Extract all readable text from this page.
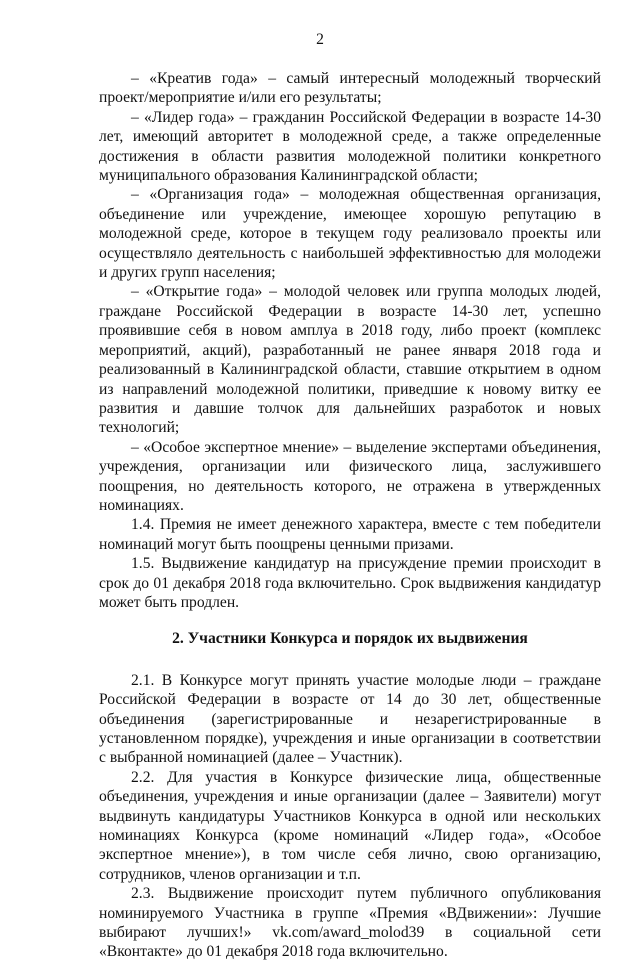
2

– «Креатив года» – самый интересный молодежный творческий проект/мероприятие и/или его результаты;

– «Лидер года» – гражданин Российской Федерации в возрасте 14-30 лет, имеющий авторитет в молодежной среде, а также определенные достижения в области развития молодежной политики конкретного муниципального образования Калининградской области;

– «Организация года» – молодежная общественная организация, объединение или учреждение, имеющее хорошую репутацию в молодежной среде, которое в текущем году реализовало проекты или осуществляло деятельность с наибольшей эффективностью для молодежи и других групп населения;

– «Открытие года» – молодой человек или группа молодых людей, граждане Российской Федерации в возрасте 14-30 лет, успешно проявившие себя в новом амплуа в 2018 году, либо проект (комплекс мероприятий, акций), разработанный не ранее января 2018 года и реализованный в Калининградской области, ставшие открытием в одном из направлений молодежной политики, приведшие к новому витку ее развития и давшие толчок для дальнейших разработок и новых технологий;

– «Особое экспертное мнение» – выделение экспертами объединения, учреждения, организации или физического лица, заслужившего поощрения, но деятельность которого, не отражена в утвержденных номинациях.

1.4. Премия не имеет денежного характера, вместе с тем победители номинаций могут быть поощрены ценными призами.

1.5. Выдвижение кандидатур на присуждение премии происходит в срок до 01 декабря 2018 года включительно. Срок выдвижения кандидатур может быть продлен.

2. Участники Конкурса и порядок их выдвижения

2.1. В Конкурсе могут принять участие молодые люди – граждане Российской Федерации в возрасте от 14 до 30 лет, общественные объединения (зарегистрированные и незарегистрированные в установленном порядке), учреждения и иные организации в соответствии с выбранной номинацией (далее – Участник).

2.2. Для участия в Конкурсе физические лица, общественные объединения, учреждения и иные организации (далее – Заявители) могут выдвинуть кандидатуры Участников Конкурса в одной или нескольких номинациях Конкурса (кроме номинаций «Лидер года», «Особое экспертное мнение»), в том числе себя лично, свою организацию, сотрудников, членов организации и т.п.

2.3. Выдвижение происходит путем публичного опубликования номинируемого Участника в группе «Премия «ВДвижении»: Лучшие выбирают лучших!» vk.com/award_molod39 в социальной сети «Вконтакте» до 01 декабря 2018 года включительно.
